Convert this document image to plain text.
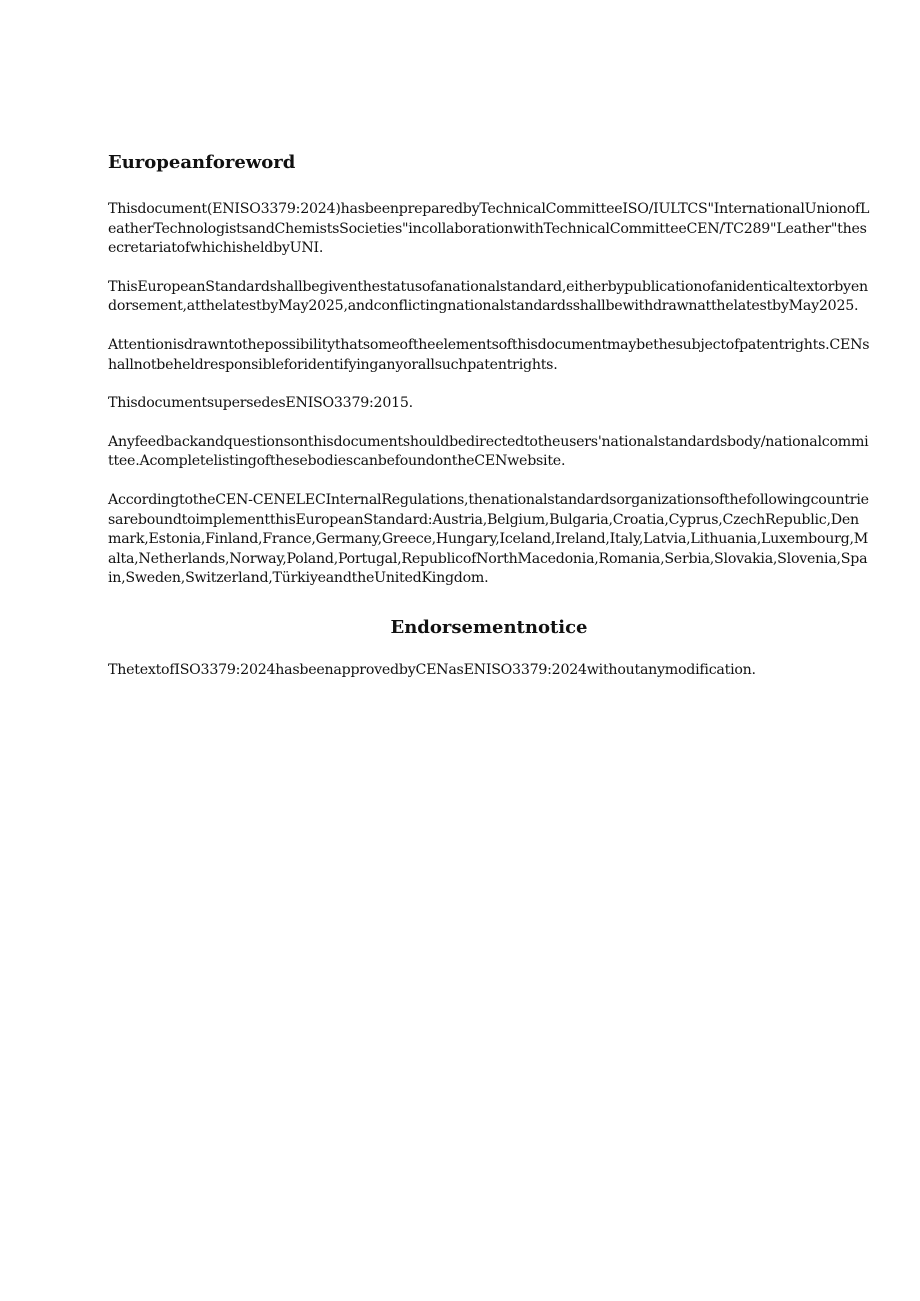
Europeanforeword

Thisdocument(ENISO3379:2024)hasbeenpreparedbyTechnicalCommitteeISO/IULTCS"InternationalUnionofLeatherTechnologistsandChemistsSocieties"incollaborationwithTechnicalCommitteeCEN/TC289"Leather"thesecretariatofwhichisheldbyUNI.

ThisEuropeanStandardshallbegiventhestatusofanationalstandard,eitherbypublicationofanidenticaltextorbyendorsement,atthelatestbyMay2025,andconflictingnationalstandardsshallbewithdrawnatthelatestbyMay2025.

Attentionisdrawntothepossibilitythatsomeoftheelementsofthisdocumentmaybethesubjectofpatentrights.CENshallnotbeheldresponsibleforidentifyinganyorallsuchpatentrights.

ThisdocumentsupersedesENISO3379:2015.

Anyfeedbackandquestionsonthisdocumentshouldbedirectedtotheusers'nationalstandardsbody/nationalcommittee.AcompletelistingofthesebodiescanbefoundontheCENwebsite.

AccordingtotheCEN-CENELECInternalRegulations,thenationalstandardsorganizationsofthefollowingcountriesareboundtoimplementthisEuropeanStandard:Austria,Belgium,Bulgaria,Croatia,Cyprus,CzechRepublic,Denmark,Estonia,Finland,France,Germany,Greece,Hungary,Iceland,Ireland,Italy,Latvia,Lithuania,Luxembourg,Malta,Netherlands,Norway,Poland,Portugal,RepublicofNorthMacedonia,Romania,Serbia,Slovakia,Slovenia,Spain,Sweden,Switzerland,TürkiyeandtheUnitedKingdom.

Endorsementnotice

ThetextofISO3379:2024hasbeenapprovedbyCENasENISO3379:2024withoutanymodification.
